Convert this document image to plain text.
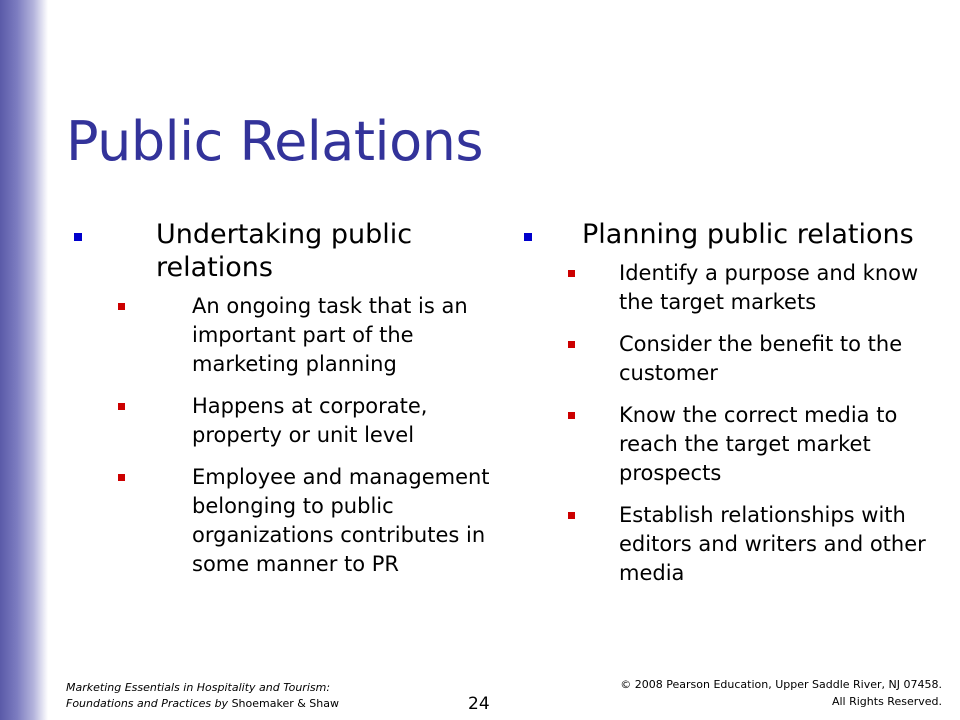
Public Relations
Undertaking public relations
An ongoing task that is an important part of the marketing planning
Happens at corporate, property or unit level
Employee and management belonging to public organizations contributes in some manner to PR
Planning public relations
Identify a purpose and know the target markets
Consider the benefit to the customer
Know the correct media to reach the target market prospects
Establish relationships with editors and writers and other media
Marketing Essentials in Hospitality and Tourism:
Foundations and Practices by Shoemaker & Shaw	24
© 2008 Pearson Education, Upper Saddle River, NJ 07458.
All Rights Reserved.
